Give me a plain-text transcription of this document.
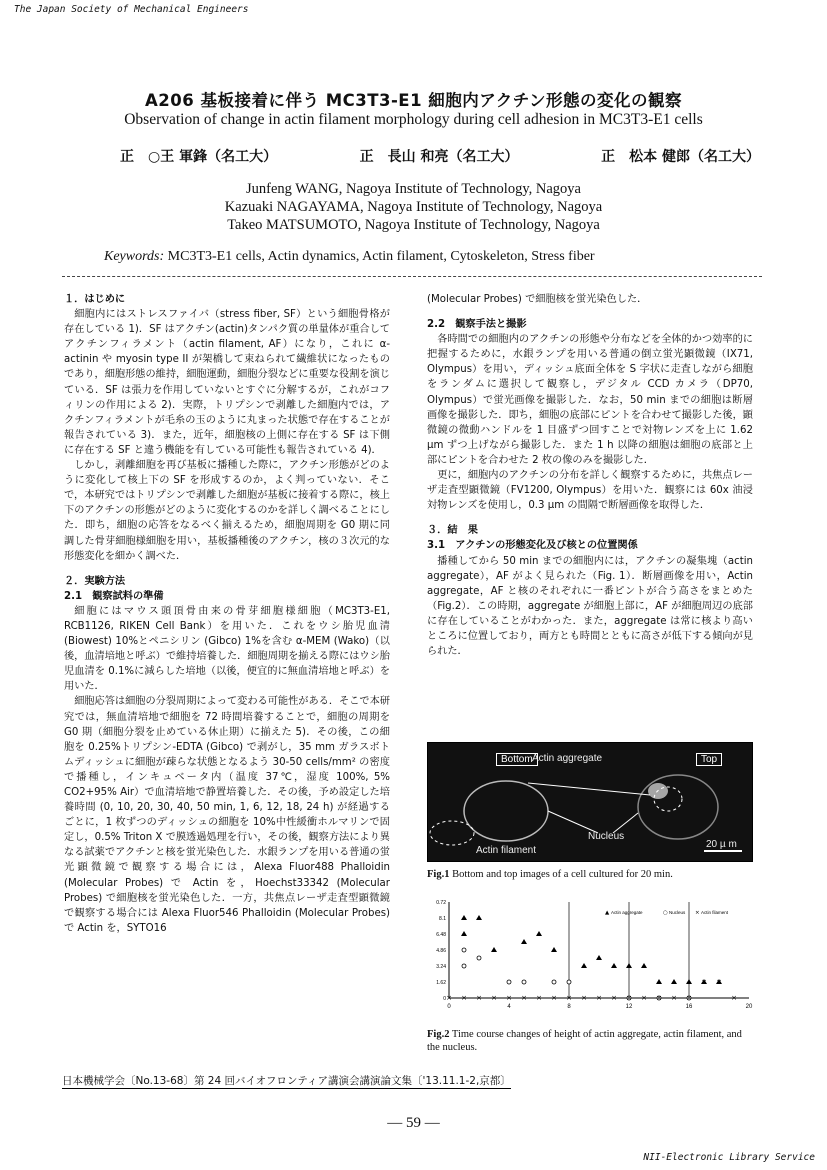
The Japan Society of Mechanical Engineers
A206 基板接着に伴う MC3T3-E1 細胞内アクチン形態の変化の観察
Observation of change in actin filament morphology during cell adhesion in MC3T3-E1 cells
正　○王 軍鋒（名工大）	正　長山 和亮（名工大）	正　松本 健郎（名工大）
Junfeng WANG, Nagoya Institute of Technology, Nagoya
Kazuaki NAGAYAMA, Nagoya Institute of Technology, Nagoya
Takeo MATSUMOTO, Nagoya Institute of Technology, Nagoya
Keywords: MC3T3-E1 cells, Actin dynamics, Actin filament, Cytoskeleton, Stress fiber
１．はじめに

細胞内にはストレスファイバ（stress fiber, SF）という細胞骨格が存在している 1)．SF はアクチン(actin)タンパク質の単量体が重合してアクチンフィラメント（actin filament, AF）になり，これに α-actinin や myosin type II が架橋して束ねられて繊維状になったものであり，細胞形態の維持，細胞運動，細胞分裂などに重要な役割を演じている．SF は張力を作用していないとすぐに分解するが，これがコフィリンの作用による 2)．実際，トリプシンで剥離した細胞内では，アクチンフィラメントが毛糸の玉のように丸まった状態で存在することが報告されている 3)．また，近年，細胞核の上側に存在する SF は下側に存在する SF と違う機能を有している可能性も報告されている 4)．

しかし，剥離細胞を再び基板に播種した際に，アクチン形態がどのように変化して核上下の SF を形成するのか，よく判っていない．そこで，本研究ではトリプシンで剥離した細胞が基板に接着する際に，核上下のアクチンの形態がどのように変化するのかを詳しく調べることにした．即ち，細胞の応答をなるべく揃えるため，細胞周期を G0 期に同調した骨芽細胞様細胞を用い，基板播種後のアクチン，核の３次元的な形態変化を細かく調べた．

２．実験方法
2.1　観察試料の準備

細胞にはマウス頭頂骨由来の骨芽細胞様細胞（MC3T3-E1, RCB1126, RIKEN Cell Bank）を用いた．これをウシ胎児血清(Biowest) 10%とペニシリン (Gibco) 1%を含む α-MEM (Wako)（以後，血清培地と呼ぶ）で維持培養した．細胞周期を揃える際にはウシ胎児血清を 0.1%に減らした培地（以後，便宜的に無血清培地と呼ぶ）を用いた．

細胞応答は細胞の分裂周期によって変わる可能性がある．そこで本研究では，無血清培地で細胞を 72 時間培養することで，細胞の周期を G0 期（細胞分裂を止めている休止期）に揃えた 5)．その後，この細胞を 0.25%トリプシン-EDTA (Gibco) で剥がし，35 mm ガラスボトムディッシュに細胞が疎らな状態となるよう 30-50 cells/mm² の密度で播種し，インキュベータ内（温度 37℃，湿度 100%, 5% CO2+95% Air）で血清培地で静置培養した．その後，予め設定した培養時間 (0, 10, 20, 30, 40, 50 min, 1, 6, 12, 18, 24 h) が経過するごとに，1 枚ずつのディッシュの細胞を 10%中性緩衝ホルマリンで固定し，0.5% Triton X で膜透過処理を行い，その後，観察方法により異なる試薬でアクチンと核を蛍光染色した．水銀ランプを用いる普通の蛍光顕微鏡で観察する場合には，Alexa Fluor488 Phalloidin (Molecular Probes) で Actin を，Hoechst33342 (Molecular Probes) で細胞核を蛍光染色した．一方，共焦点レーザ走査型顕微鏡で観察する場合には Alexa Fluor546 Phalloidin (Molecular Probes)で Actin を，SYTO16

(Molecular Probes) で細胞核を蛍光染色した．

2.2　観察手法と撮影

各時間での細胞内のアクチンの形態や分布などを全体的かつ効率的に把握するために，水銀ランプを用いる普通の倒立蛍光顕微鏡（IX71, Olympus）を用い，ディッシュ底面全体を S 字状に走査しながら細胞をランダムに選択して観察し，デジタル CCD カメラ（DP70, Olympus）で蛍光画像を撮影した．なお，50 min までの細胞は断層画像を撮影した．即ち，細胞の底部にピントを合わせて撮影した後，顕微鏡の微動ハンドルを 1 目盛ずつ回すことで対物レンズを上に 1.62 µm ずつ上げながら撮影した．また 1 h 以降の細胞は細胞の底部と上部にピントを合わせた 2 枚の像のみを撮影した．

更に，細胞内のアクチンの分布を詳しく観察するために，共焦点レーザ走査型顕微鏡（FV1200, Olympus）を用いた．観察には 60x 油浸対物レンズを使用し，0.3 µm の間隔で断層画像を取得した．

３．結　果
3.1　アクチンの形態変化及び核との位置関係

播種してから 50 min までの細胞内には，アクチンの凝集塊（actin aggregate），AF がよく見られた（Fig. 1）．断層画像を用い，Actin aggregate，AF と核のそれぞれに一番ピントが合う高さをまとめた（Fig.2）．この時期，aggregate が細胞上部に，AF が細胞周辺の底部に存在していることがわかった．また，aggregate は常に核より高いところに位置しており，両方とも時間とともに高さが低下する傾向が見られた．

Bottom	Top
Actin aggregate
Nucleus
Actin filament
20 µ m
Fig.1 Bottom and top images of a cell cultured for 20 min.
0	4	8	12	16	20
0.72
8.1
6.48
4.86
3.24
1.62
0 × × × × × × × × × × × × × × × × ×
× ×
×
▲ Actin aggregate	○ Nucleus × Actin filament
Fig.2 Time course changes of height of actin aggregate, actin filament, and the nucleus.
日本機械学会〔No.13-68〕第 24 回バイオフロンティア講演会講演論文集〔'13.11.1-2,京都〕
— 59 —
NII-Electronic Library Service
